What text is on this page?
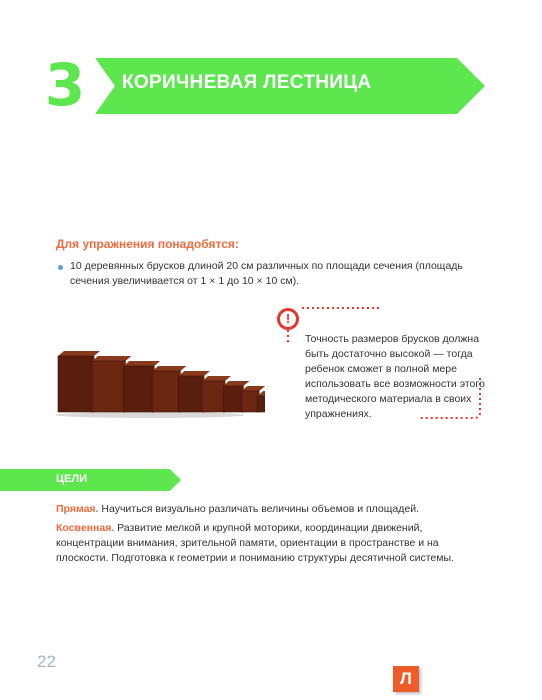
3 КОРИЧНЕВАЯ ЛЕСТНИЦА
Для упражнения понадобятся:
10 деревянных брусков длиной 20 см различных по площади сечения (площадь сечения увеличивается от 1 × 1 до 10 × 10 см).
!
Точность размеров брусков должна быть достаточно высокой — тогда ребенок сможет в полной мере использовать все возможности этого методического материала в своих упражнениях.
ЦЕЛИ
Прямая. Научиться визуально различать величины объемов и площадей.
Косвенная. Развитие мелкой и крупной моторики, координации движений, концентрации внимания, зрительной памяти, ориентации в пространстве и на плоскости. Подготовка к геометрии и пониманию структуры десятичной системы.
22
Л
